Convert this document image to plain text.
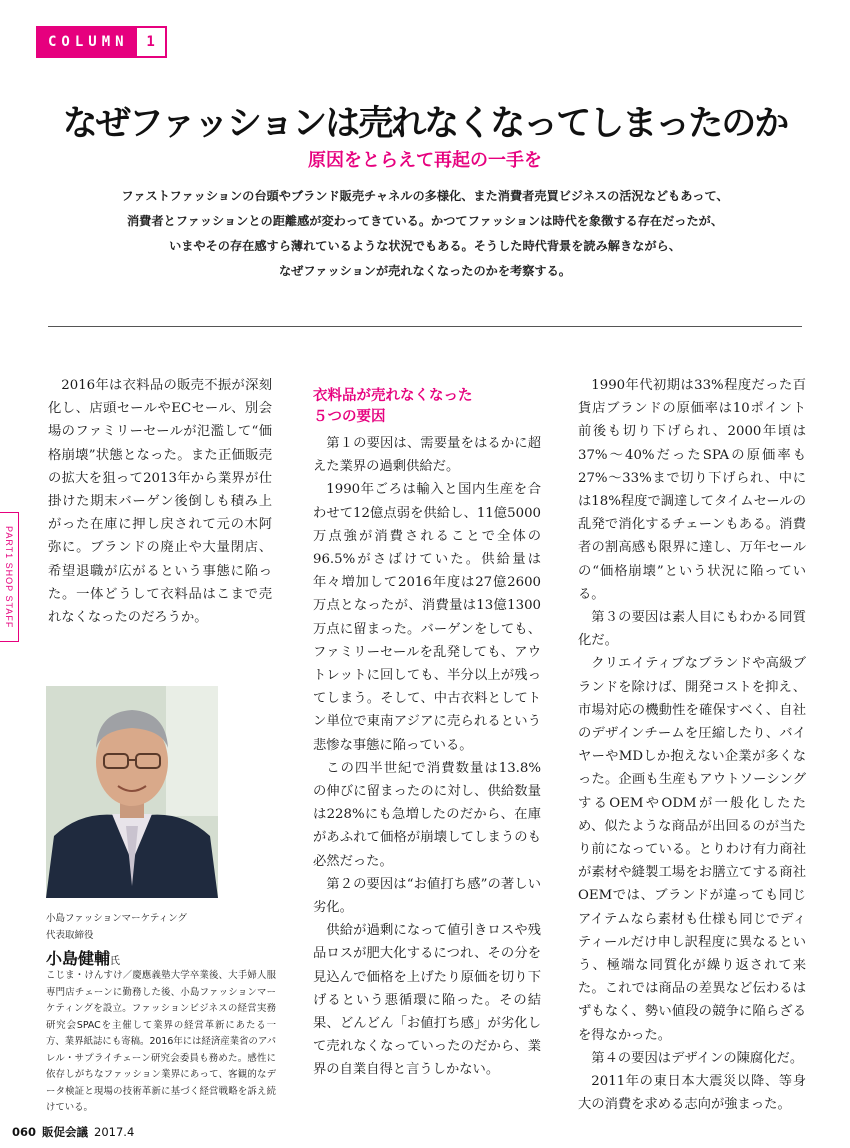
COLUMN	1
なぜファッションは売れなくなってしまったのか
原因をとらえて再起の一手を
ファストファッションの台頭やブランド販売チャネルの多様化、また消費者売買ビジネスの活況などもあって、
消費者とファッションとの距離感が変わってきている。かつてファッションは時代を象徴する存在だったが、
いまやその存在感すら薄れているような状況でもある。そうした時代背景を読み解きながら、
なぜファッションが売れなくなったのかを考察する。
PART1 SHOP STAFF

2016年は衣料品の販売不振が深刻化し、店頭セールやECセール、別会場のファミリーセールが氾濫して“価格崩壊”状態となった。また正価販売の拡大を狙って2013年から業界が仕掛けた期末バーゲン後倒しも積み上がった在庫に押し戻されて元の木阿弥に。ブランドの廃止や大量閉店、希望退職が広がるという事態に陥った。一体どうして衣料品はこまで売れなくなったのだろうか。

小島ファッションマーケティング
代表取締役
小島健輔氏
こじま・けんすけ／慶應義塾大学卒業後、大手婦人服専門店チェーンに勤務した後、小島ファッションマーケティングを設立。ファッションビジネスの経営実務研究会SPACを主催して業界の経営革新にあたる一方、業界紙誌にも寄稿。2016年には経済産業省のアパレル・サプライチェーン研究会委員も務めた。感性に依存しがちなファッション業界にあって、客観的なデータ検証と現場の技術革新に基づく経営戦略を訴え続けている。
衣料品が売れなくなった
５つの要因

第１の要因は、需要量をはるかに超えた業界の過剰供給だ。

1990年ごろは輸入と国内生産を合わせて12億点弱を供給し、11億5000万点強が消費されることで全体の96.5%がさばけていた。供給量は年々増加して2016年度は27億2600万点となったが、消費量は13億1300万点に留まった。バーゲンをしても、ファミリーセールを乱発しても、アウトレットに回しても、半分以上が残ってしまう。そして、中古衣料としてトン単位で東南アジアに売られるという悲惨な事態に陥っている。

この四半世紀で消費数量は13.8%の伸びに留まったのに対し、供給数量は228%にも急増したのだから、在庫があふれて価格が崩壊してしまうのも必然だった。

第２の要因は“お値打ち感”の著しい劣化。

供給が過剰になって値引きロスや残品ロスが肥大化するにつれ、その分を見込んで価格を上げたり原価を切り下げるという悪循環に陥った。その結果、どんどん「お値打ち感」が劣化して売れなくなっていったのだから、業界の自業自得と言うしかない。

1990年代初期は33%程度だった百貨店ブランドの原価率は10ポイント前後も切り下げられ、2000年頃は37%〜40%だったSPAの原価率も27%〜33%まで切り下げられ、中には18%程度で調達してタイムセールの乱発で消化するチェーンもある。消費者の割高感も限界に達し、万年セールの“価格崩壊”という状況に陥っている。

第３の要因は素人目にもわかる同質化だ。

クリエイティブなブランドや高級ブランドを除けば、開発コストを抑え、市場対応の機動性を確保すべく、自社のデザインチームを圧縮したり、バイヤーやMDしか抱えない企業が多くなった。企画も生産もアウトソーシングするOEMやODMが一般化したため、似たような商品が出回るのが当たり前になっている。とりわけ有力商社が素材や縫製工場をお膳立てする商社OEMでは、ブランドが違っても同じアイテムなら素材も仕様も同じでディティールだけ申し訳程度に異なるという、極端な同質化が繰り返されて来た。これでは商品の差異など伝わるはずもなく、勢い値段の競争に陥らざるを得なかった。

第４の要因はデザインの陳腐化だ。

2011年の東日本大震災以降、等身大の消費を求める志向が強まった。

060 販促会議 2017.4
